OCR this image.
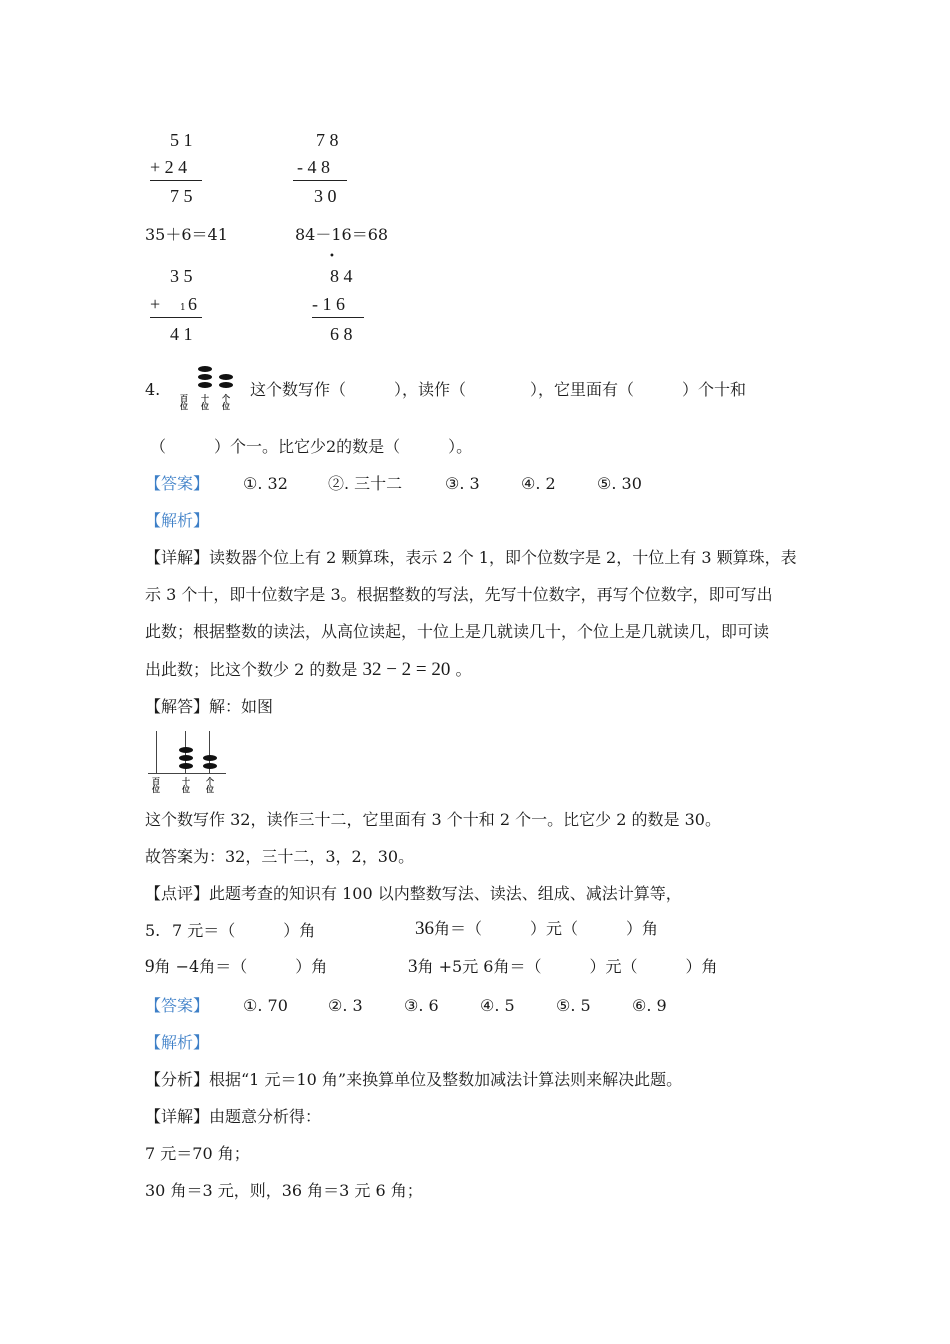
5 1
+ 2 4
7 5
7 8
- 4 8
3 0
35＋6＝41	84－16＝68
3 5
+ 1 6
4 1
•
8 4
- 1 6
6 8
4. 百位
十位
个位
这个数写作（　　　），读作（　　　　），它里面有（　　　）个十和
（　　　）个一。比它少2的数是（　　　）。
【答案】 ①. 32	②. 三十二	③. 3	④. 2	⑤. 30
【解析】
【详解】读数器个位上有 2 颗算珠，表示 2 个 1，即个位数字是 2，十位上有 3 颗算珠，表
示 3 个十，即十位数字是 3。根据整数的写法，先写十位数字，再写个位数字，即可写出
此数；根据整数的读法，从高位读起，十位上是几就读几十，个位上是几就读几，即可读
出此数；比这个数少 2 的数是 32 − 2 = 20 。
【解答】解：如图
百位
十位
个位
这个数写作 32，读作三十二，它里面有 3 个十和 2 个一。比它少 2 的数是 30。
故答案为：32，三十二，3，2，30。
【点评】此题考查的知识有 100 以内整数写法、读法、组成、减法计算等，
5. 7 元＝（　　　）角	36角＝（　　　）元（　　　）角
9角 −4角＝（　　　）角	3角 +5元 6角＝（　　　）元（　　　）角
【答案】 ①. 70	②. 3	③. 6	④. 5	⑤. 5	⑥. 9
【解析】
【分析】根据“1 元＝10 角”来换算单位及整数加减法计算法则来解决此题。
【详解】由题意分析得：
7 元＝70 角；
30 角＝3 元，则，36 角＝3 元 6 角；
